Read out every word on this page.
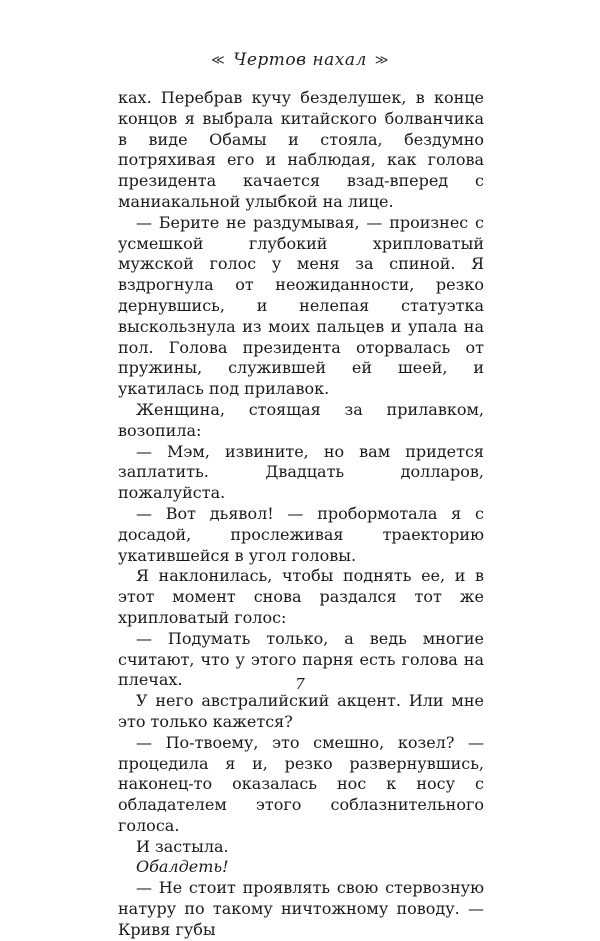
≪ Чертов нахал ≫

ках. Перебрав кучу безделушек, в конце концов я выбрала китайского болванчика в виде Обамы и стояла, бездумно потряхивая его и наблюдая, как голова президента качается взад-вперед с маниакальной улыбкой на лице.

— Берите не раздумывая, — произнес с усмешкой глубокий хрипловатый мужской голос у меня за спиной. Я вздрогнула от неожиданности, резко дернувшись, и нелепая статуэтка выскользнула из моих пальцев и упала на пол. Голова президента оторвалась от пружины, служившей ей шеей, и укатилась под прилавок.

Женщина, стоящая за прилавком, возопила:

— Мэм, извините, но вам придется заплатить. Двадцать долларов, пожалуйста.

— Вот дьявол! — пробормотала я с досадой, прослеживая траекторию укатившейся в угол головы.

Я наклонилась, чтобы поднять ее, и в этот момент снова раздался тот же хрипловатый голос:

— Подумать только, а ведь многие считают, что у этого парня есть голова на плечах.

У него австралийский акцент. Или мне это только кажется?

— По-твоему, это смешно, козел? — процедила я и, резко развернувшись, наконец-то оказалась нос к носу с обладателем этого соблазнительного голоса.

И застыла.

Обалдеть!

— Не стоит проявлять свою стервозную натуру по такому ничтожному поводу. — Кривя губы

7
